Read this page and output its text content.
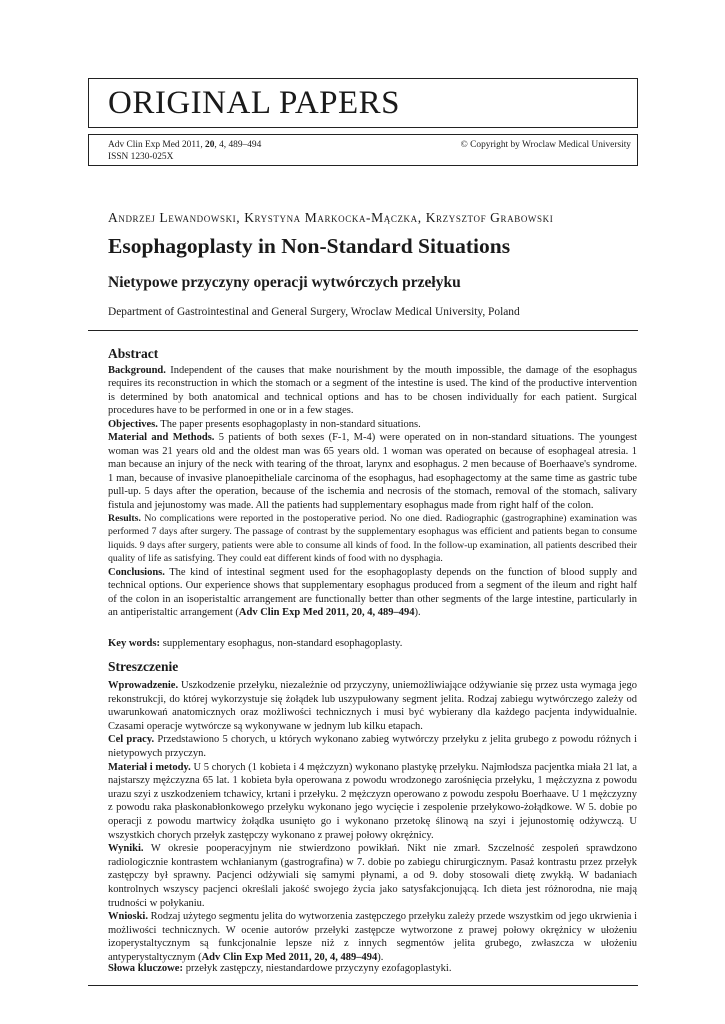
ORIGINAL PAPERS
Adv Clin Exp Med 2011, 20, 4, 489–494
ISSN 1230-025X
© Copyright by Wroclaw Medical University
Andrzej Lewandowski, Krystyna Markocka-Mączka, Krzysztof Grabowski
Esophagoplasty in Non-Standard Situations
Nietypowe przyczyny operacji wytwórczych przełyku
Department of Gastrointestinal and General Surgery, Wroclaw Medical University, Poland
Abstract

Background. Independent of the causes that make nourishment by the mouth impossible, the damage of the esophagus requires its reconstruction in which the stomach or a segment of the intestine is used. The kind of the productive intervention is determined by both anatomical and technical options and has to be chosen individually for each patient. Surgical procedures have to be performed in one or in a few stages.

Objectives. The paper presents esophagoplasty in non-standard situations.

Material and Methods. 5 patients of both sexes (F-1, M-4) were operated on in non-standard situations. The youngest woman was 21 years old and the oldest man was 65 years old. 1 woman was operated on because of esophageal atresia. 1 man because an injury of the neck with tearing of the throat, larynx and esophagus. 2 men because of Boerhaave's syndrome. 1 man, because of invasive planoepitheliale carcinoma of the esophagus, had esophagectomy at the same time as gastric tube pull-up. 5 days after the operation, because of the ischemia and necrosis of the stomach, removal of the stomach, salivary fistula and jejunostomy was made. All the patients had supplementary esophagus made from right half of the colon.

Results. No complications were reported in the postoperative period. No one died. Radiographic (gastrographine) examination was performed 7 days after surgery. The passage of contrast by the supplementary esophagus was efficient and patients began to consume liquids. 9 days after surgery, patients were able to consume all kinds of food. In the follow-up examination, all patients described their quality of life as satisfying. They could eat different kinds of food with no dysphagia.

Conclusions. The kind of intestinal segment used for the esophagoplasty depends on the function of blood supply and technical options. Our experience shows that supplementary esophagus produced from a segment of the ileum and right half of the colon in an isoperistaltic arrangement are functionally better than other segments of the large intestine, particularly in an antiperistaltic arrangement (Adv Clin Exp Med 2011, 20, 4, 489–494).

Key words: supplementary esophagus, non-standard esophagoplasty.

Streszczenie

Wprowadzenie. Uszkodzenie przełyku, niezależnie od przyczyny, uniemożliwiające odżywianie się przez usta wymaga jego rekonstrukcji, do której wykorzystuje się żołądek lub uszypułowany segment jelita. Rodzaj zabiegu wytwórczego zależy od uwarunkowań anatomicznych oraz możliwości technicznych i musi być wybierany dla każdego pacjenta indywidualnie. Czasami operacje wytwórcze są wykonywane w jednym lub kilku etapach.

Cel pracy. Przedstawiono 5 chorych, u których wykonano zabieg wytwórczy przełyku z jelita grubego z powodu różnych i nietypowych przyczyn.

Materiał i metody. U 5 chorych (1 kobieta i 4 mężczyzn) wykonano plastykę przełyku. Najmłodsza pacjentka miała 21 lat, a najstarszy mężczyzna 65 lat. 1 kobieta była operowana z powodu wrodzonego zarośnięcia przełyku, 1 mężczyzna z powodu urazu szyi z uszkodzeniem tchawicy, krtani i przełyku. 2 mężczyzn operowano z powodu zespołu Boerhaave. U 1 mężczyzny z powodu raka płaskonabłonkowego przełyku wykonano jego wycięcie i zespolenie przełykowo-żołądkowe. W 5. dobie po operacji z powodu martwicy żołądka usunięto go i wykonano przetokę ślinową na szyi i jejunostomię odżywczą. U wszystkich chorych przełyk zastępczy wykonano z prawej połowy okrężnicy.

Wyniki. W okresie pooperacyjnym nie stwierdzono powikłań. Nikt nie zmarł. Szczelność zespoleń sprawdzono radiologicznie kontrastem wchłanianym (gastrografina) w 7. dobie po zabiegu chirurgicznym. Pasaż kontrastu przez przełyk zastępczy był sprawny. Pacjenci odżywiali się samymi płynami, a od 9. doby stosowali dietę zwykłą. W badaniach kontrolnych wszyscy pacjenci określali jakość swojego życia jako satysfakcjonującą. Ich dieta jest różnorodna, nie mają trudności w połykaniu.

Wnioski. Rodzaj użytego segmentu jelita do wytworzenia zastępczego przełyku zależy przede wszystkim od jego ukrwienia i możliwości technicznych. W ocenie autorów przełyki zastępcze wytworzone z prawej połowy okrężnicy w ułożeniu izoperystaltycznym są funkcjonalnie lepsze niż z innych segmentów jelita grubego, zwłaszcza w ułożeniu antyperystaltycznym (Adv Clin Exp Med 2011, 20, 4, 489–494).

Słowa kluczowe: przełyk zastępczy, niestandardowe przyczyny ezofagoplastyki.
